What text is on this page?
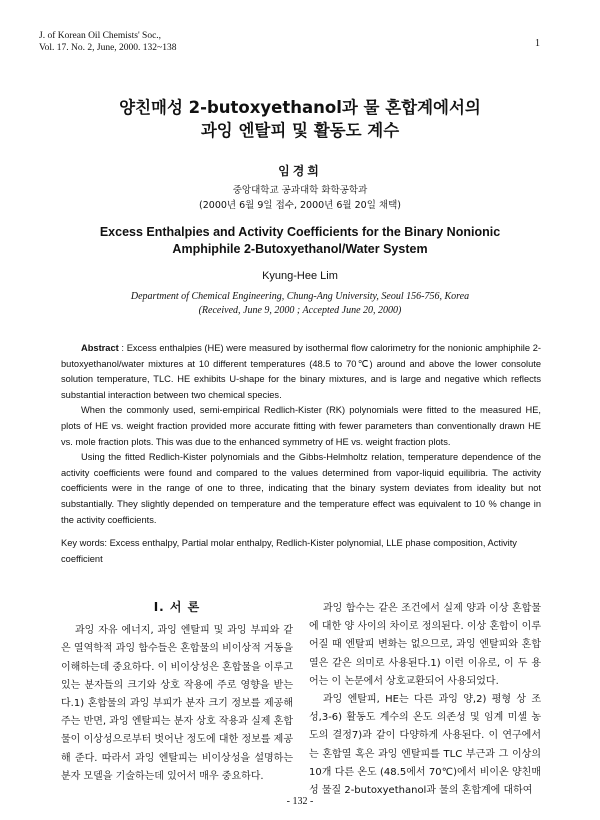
J. of Korean Oil Chemists' Soc.,
Vol. 17. No. 2, June, 2000. 132~138	1
양친매성 2-butoxyethanol과 물 혼합계에서의
과잉 엔탈피 및 활동도 계수
임경희
중앙대학교 공과대학 화학공학과
(2000년 6월 9일 접수, 2000년 6월 20일 채택)
Excess Enthalpies and Activity Coefficients for the Binary Nonionic
Amphiphile 2-Butoxyethanol/Water System
Kyung-Hee Lim
Department of Chemical Engineering, Chung-Ang University, Seoul 156-756, Korea
(Received, June 9, 2000 ; Accepted June 20, 2000)

Abstract : Excess enthalpies (HE) were measured by isothermal flow calorimetry for the nonionic amphiphile 2-butoxyethanol/water mixtures at 10 different temperatures (48.5 to 70℃) around and above the lower consolute solution temperature, TLC. HE exhibits U-shape for the binary mixtures, and is large and negative which reflects substantial interaction between two chemical species.

When the commonly used, semi-empirical Redlich-Kister (RK) polynomials were fitted to the measured HE, plots of HE vs. weight fraction provided more accurate fitting with fewer parameters than conventionally drawn HE vs. mole fraction plots. This was due to the enhanced symmetry of HE vs. weight fraction plots.

Using the fitted Redlich-Kister polynomials and the Gibbs-Helmholtz relation, temperature dependence of the activity coefficients were found and compared to the values determined from vapor-liquid equilibria. The activity coefficients were in the range of one to three, indicating that the binary system deviates from ideality but not substantially. They slightly depended on temperature and the temperature effect was equivalent to 10 % change in the activity coefficients.

Key words: Excess enthalpy, Partial molar enthalpy, Redlich-Kister polynomial, LLE phase composition, Activity coefficient
Ⅰ. 서 론

과잉 자유 에너지, 과잉 엔탈피 및 과잉 부피와 같은 열역학적 과잉 함수들은 혼합물의 비이상적 거동을 이해하는데 중요하다. 이 비이상성은 혼합물을 이루고 있는 분자들의 크기와 상호 작용에 주로 영향을 받는다.1) 혼합물의 과잉 부피가 분자 크기 정보를 제공해 주는 반면, 과잉 엔탈피는 분자 상호 작용과 실제 혼합물이 이상성으로부터 벗어난 정도에 대한 정보를 제공해 준다. 따라서 과잉 엔탈피는 비이상성을 설명하는 분자 모델을 기술하는데 있어서 매우 중요하다.

과잉 함수는 같은 조건에서 실제 양과 이상 혼합물에 대한 양 사이의 차이로 정의된다. 이상 혼합이 이루어질 때 엔탈피 변화는 없으므로, 과잉 엔탈피와 혼합열은 같은 의미로 사용된다.1) 이런 이유로, 이 두 용어는 이 논문에서 상호교환되어 사용되었다.

과잉 엔탈피, HE는 다른 과잉 양,2) 평형 상 조성,3-6) 활동도 계수의 온도 의존성 및 임계 미셀 농도의 결정7)과 같이 다양하게 사용된다. 이 연구에서는 혼합열 혹은 과잉 엔탈피를 TLC 부근과 그 이상의 10개 다른 온도 (48.5에서 70℃)에서 비이온 양친매성 물질 2-butoxyethanol과 물의 혼합계에 대하여

- 132 -
